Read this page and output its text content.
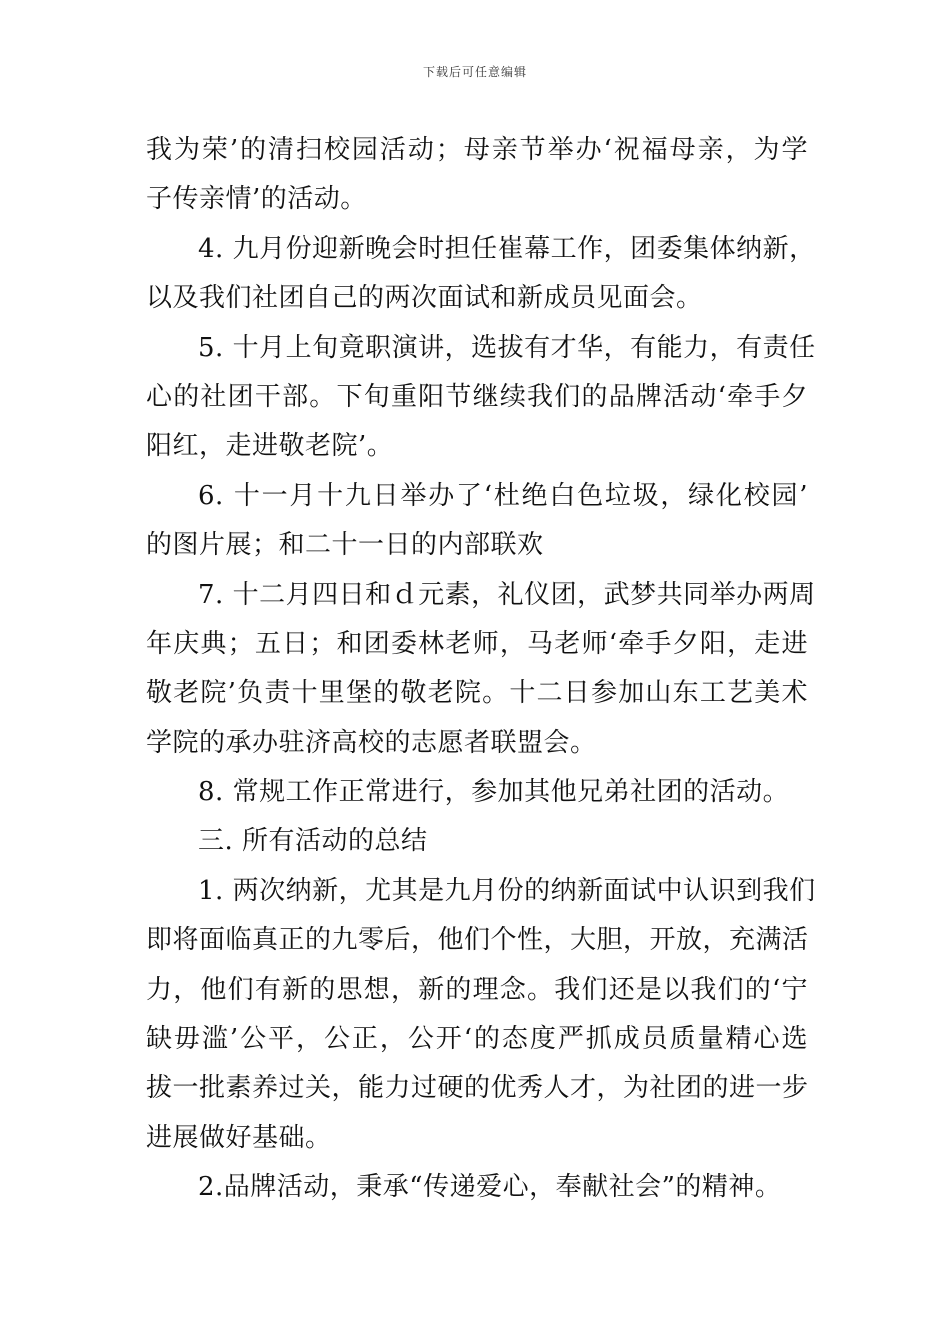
下载后可任意编辑
我为荣’的清扫校园活动；母亲节举办‘祝福母亲，为学
子传亲情’的活动。
4. 九月份迎新晚会时担任崔幕工作，团委集体纳新，
以及我们社团自己的两次面试和新成员见面会。
5. 十月上旬竟职演讲，选拔有才华，有能力，有责任
心的社团干部。下旬重阳节继续我们的品牌活动‘牵手夕
阳红，走进敬老院’。
6. 十一月十九日举办了‘杜绝白色垃圾，绿化校园’
的图片展；和二十一日的内部联欢
7. 十二月四日和ｄ元素，礼仪团，武梦共同举办两周
年庆典；五日；和团委林老师，马老师‘牵手夕阳，走进
敬老院’负责十里堡的敬老院。十二日参加山东工艺美术
学院的承办驻济高校的志愿者联盟会。
8. 常规工作正常进行，参加其他兄弟社团的活动。
三. 所有活动的总结
1. 两次纳新，尤其是九月份的纳新面试中认识到我们
即将面临真正的九零后，他们个性，大胆，开放，充满活
力，他们有新的思想，新的理念。我们还是以我们的‘宁
缺毋滥’公平，公正，公开‘的态度严抓成员质量精心选
拔一批素养过关，能力过硬的优秀人才，为社团的进一步
进展做好基础。
2.品牌活动，秉承“传递爱心，奉献社会”的精神。
